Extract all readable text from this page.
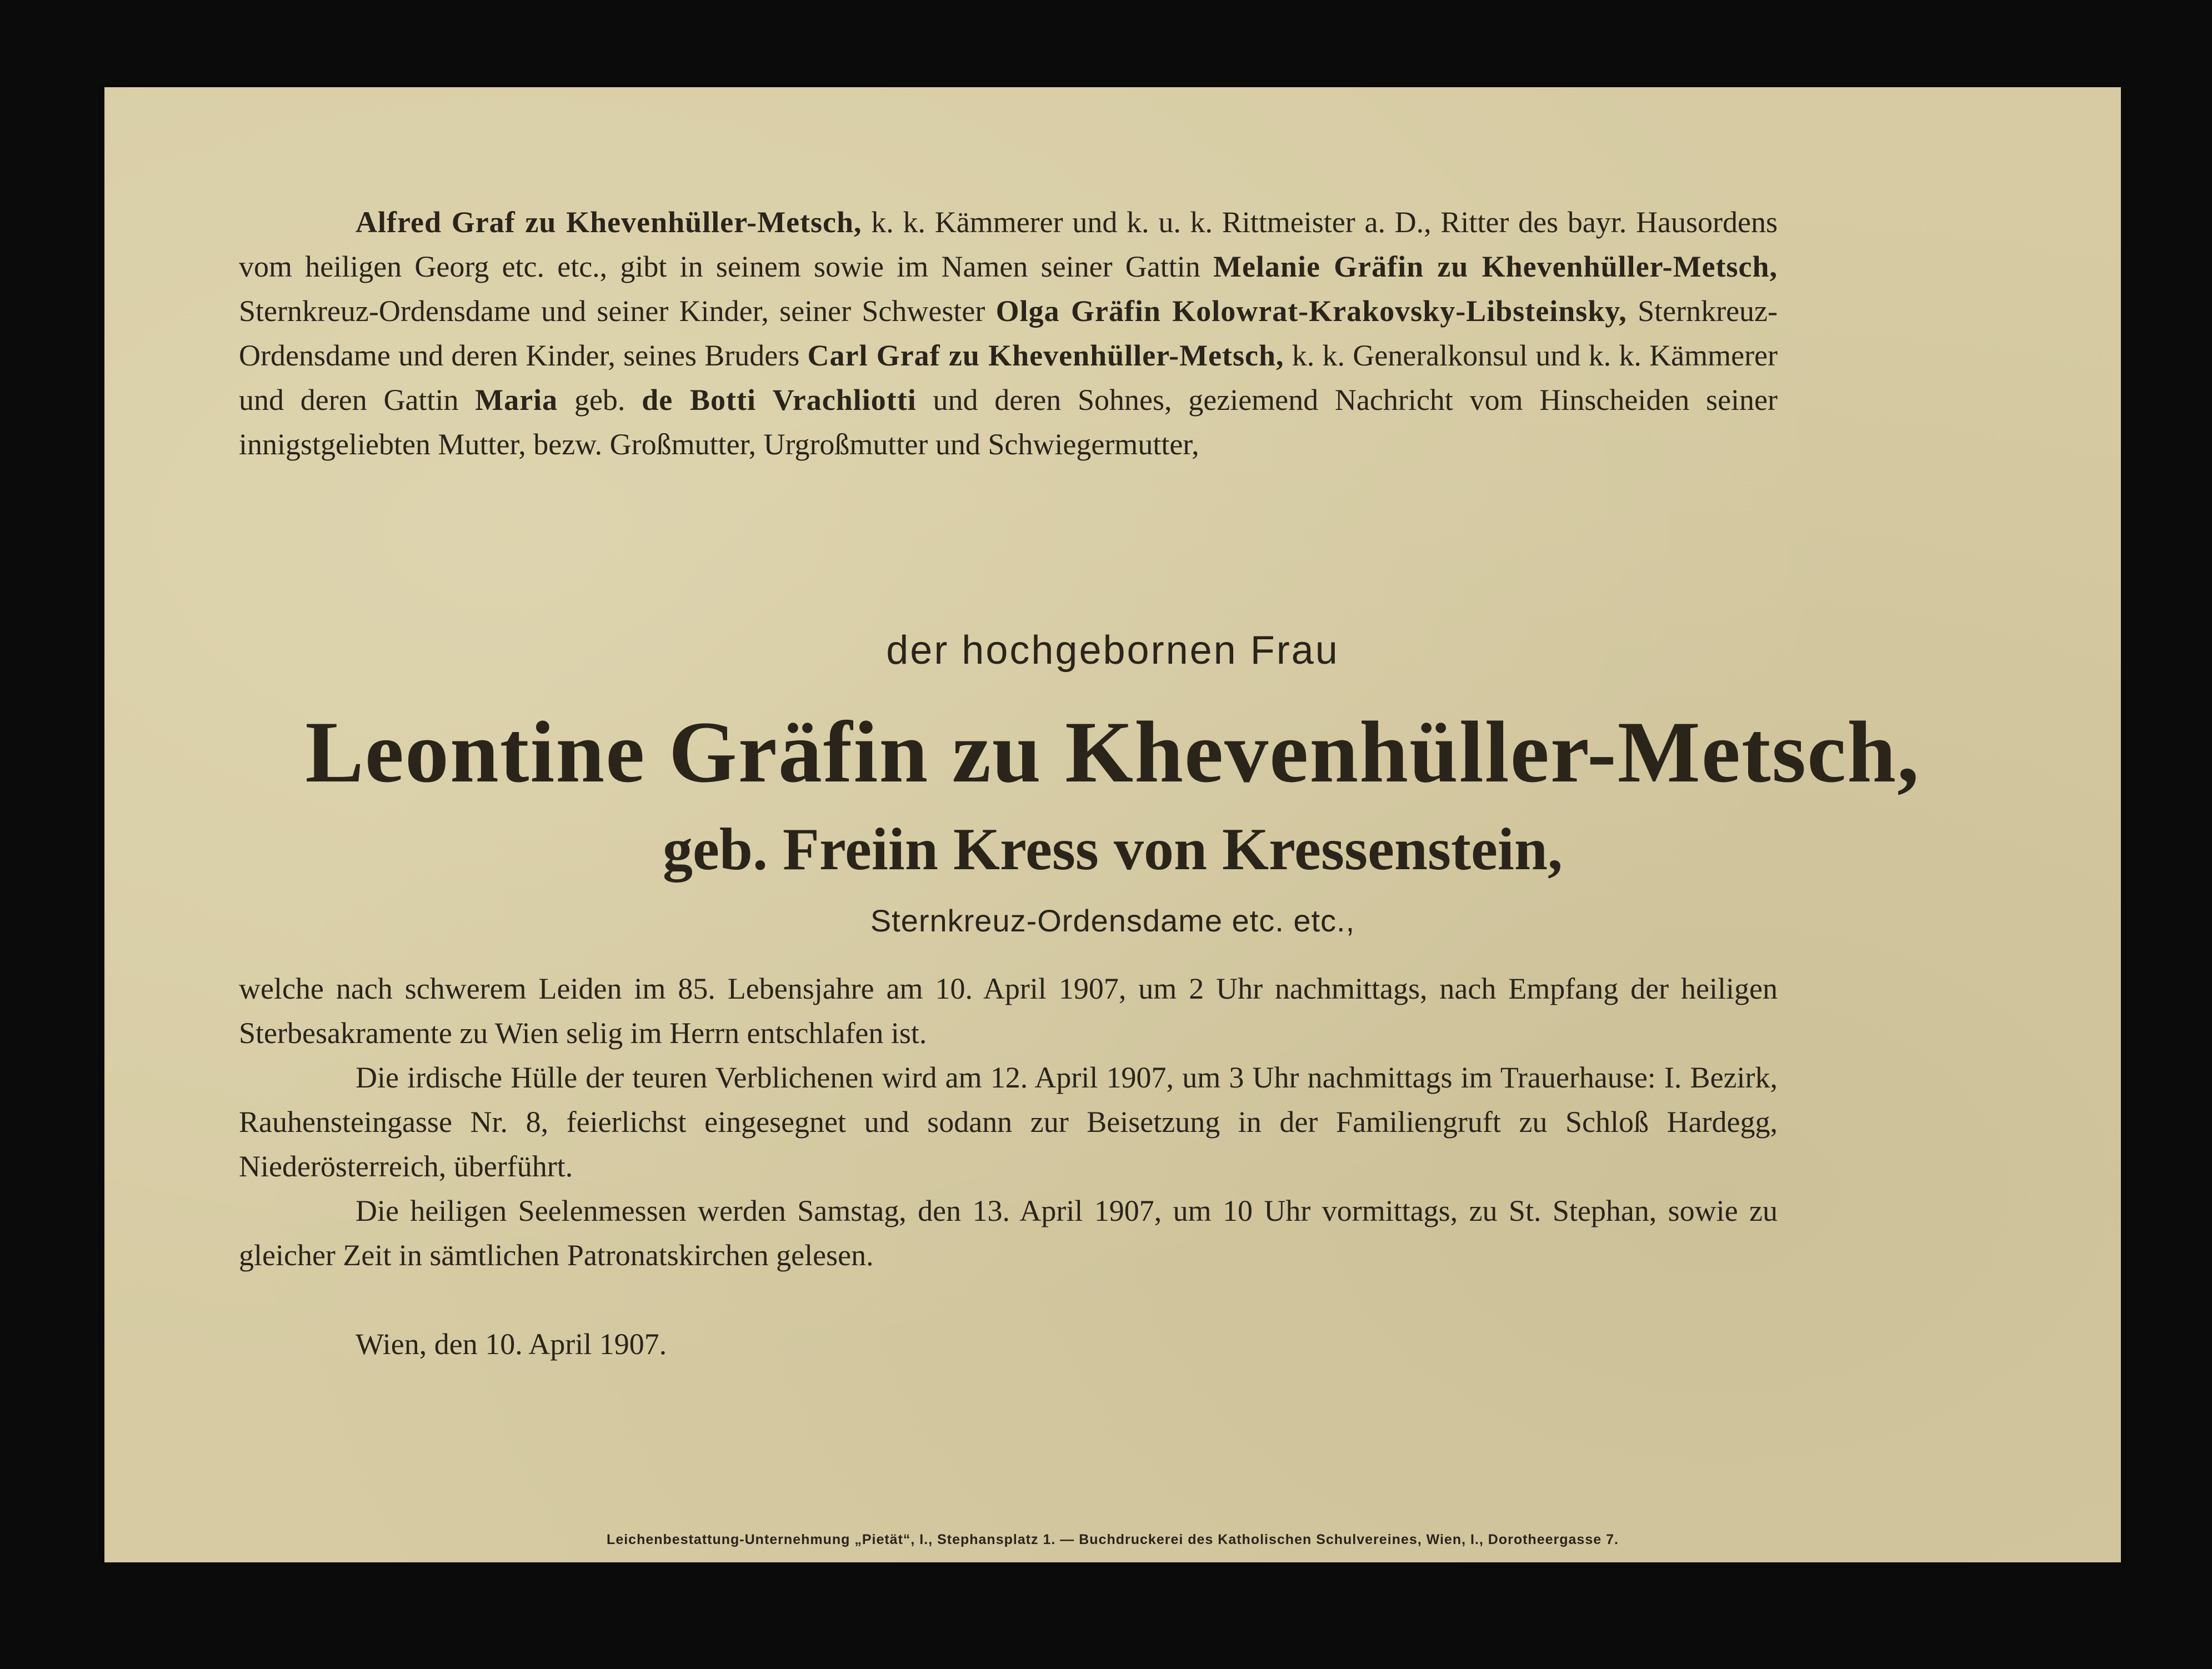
Alfred Graf zu Khevenhüller-Metsch, k. k. Kämmerer und k. u. k. Rittmeister a. D., Ritter des bayr. Hausordens vom heiligen Georg etc. etc., gibt in seinem sowie im Namen seiner Gattin Melanie Gräfin zu Khevenhüller-Metsch, Sternkreuz-Ordensdame und seiner Kinder, seiner Schwester Olga Gräfin Kolowrat-Krakovsky-Libsteinsky, Sternkreuz-Ordensdame und deren Kinder, seines Bruders Carl Graf zu Khevenhüller-Metsch, k. k. Generalkonsul und k. k. Kämmerer und deren Gattin Maria geb. de Botti Vrachliotti und deren Sohnes, geziemend Nachricht vom Hinscheiden seiner innigstgeliebten Mutter, bezw. Großmutter, Urgroßmutter und Schwiegermutter,

der hochgebornen Frau
Leontine Gräfin zu Khevenhüller-Metsch,
geb. Freiin Kress von Kressenstein,
Sternkreuz-Ordensdame etc. etc.,

welche nach schwerem Leiden im 85. Lebensjahre am 10. April 1907, um 2 Uhr nachmittags, nach Empfang der heiligen Sterbesakramente zu Wien selig im Herrn entschlafen ist.

Die irdische Hülle der teuren Verblichenen wird am 12. April 1907, um 3 Uhr nachmittags im Trauerhause: I. Bezirk, Rauhensteingasse Nr. 8, feierlichst eingesegnet und sodann zur Beisetzung in der Familiengruft zu Schloß Hardegg, Niederösterreich, überführt.

Die heiligen Seelenmessen werden Samstag, den 13. April 1907, um 10 Uhr vormittags, zu St. Stephan, sowie zu gleicher Zeit in sämtlichen Patronatskirchen gelesen.

Wien, den 10. April 1907.
Leichenbestattung-Unternehmung „Pietät“, I., Stephansplatz 1. — Buchdruckerei des Katholischen Schulvereines, Wien, I., Dorotheergasse 7.
